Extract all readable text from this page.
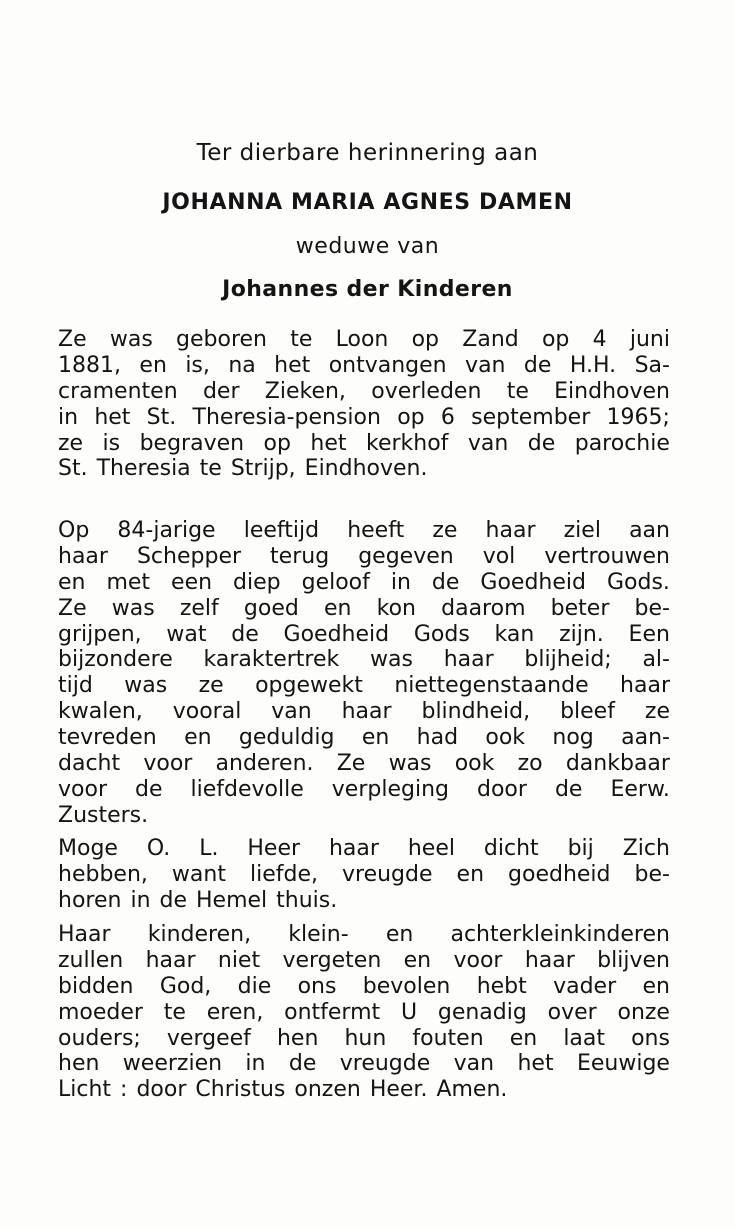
Ter dierbare herinnering aan
JOHANNA MARIA AGNES DAMEN
weduwe van
Johannes der Kinderen
Ze was geboren te Loon op Zand op 4 juni
1881, en is, na het ontvangen van de H.H. Sa-
cramenten der Zieken, overleden te Eindhoven
in het St. Theresia-pension op 6 september 1965;
ze is begraven op het kerkhof van de parochie
St. Theresia te Strijp, Eindhoven.
Op 84-jarige leeftijd heeft ze haar ziel aan
haar Schepper terug gegeven vol vertrouwen
en met een diep geloof in de Goedheid Gods.
Ze was zelf goed en kon daarom beter be-
grijpen, wat de Goedheid Gods kan zijn. Een
bijzondere karaktertrek was haar blijheid; al-
tijd was ze opgewekt niettegenstaande haar
kwalen, vooral van haar blindheid, bleef ze
tevreden en geduldig en had ook nog aan-
dacht voor anderen. Ze was ook zo dankbaar
voor de liefdevolle verpleging door de Eerw.
Zusters.
Moge O. L. Heer haar heel dicht bij Zich
hebben, want liefde, vreugde en goedheid be-
horen in de Hemel thuis.
Haar kinderen, klein- en achterkleinkinderen
zullen haar niet vergeten en voor haar blijven
bidden God, die ons bevolen hebt vader en
moeder te eren, ontfermt U genadig over onze
ouders; vergeef hen hun fouten en laat ons
hen weerzien in de vreugde van het Eeuwige
Licht : door Christus onzen Heer. Amen.
